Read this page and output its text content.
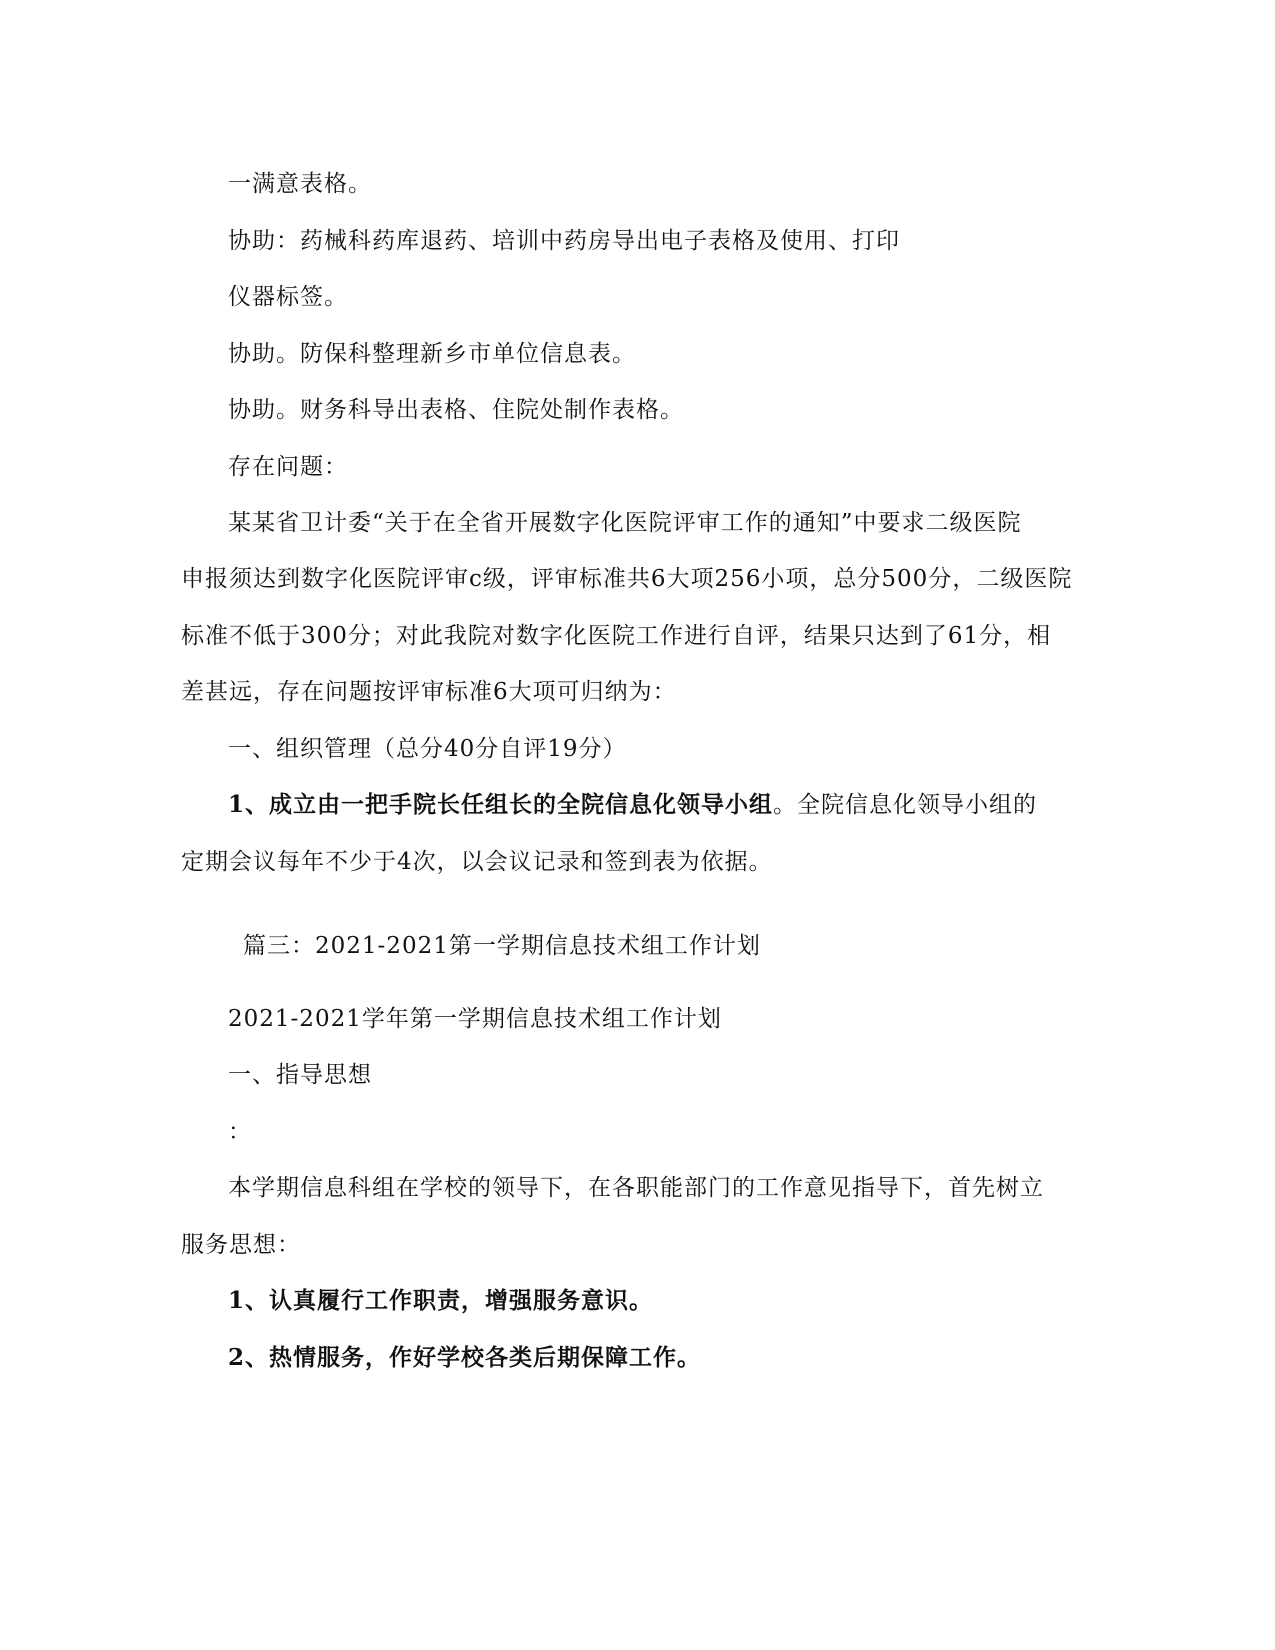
一满意表格。
协助：药械科药库退药、培训中药房导出电子表格及使用、打印
仪器标签。
协助。防保科整理新乡市单位信息表。
协助。财务科导出表格、住院处制作表格。
存在问题：
某某省卫计委“关于在全省开展数字化医院评审工作的通知”中要求二级医院
申报须达到数字化医院评审c级，评审标准共6大项256小项，总分500分，二级医院
标准不低于300分；对此我院对数字化医院工作进行自评，结果只达到了61分，相
差甚远，存在问题按评审标准6大项可归纳为：
一、组织管理（总分40分自评19分）
1、成立由一把手院长任组长的全院信息化领导小组。全院信息化领导小组的
定期会议每年不少于4次，以会议记录和签到表为依据。
篇三：2021-2021第一学期信息技术组工作计划
2021-2021学年第一学期信息技术组工作计划
一、指导思想
：
本学期信息科组在学校的领导下，在各职能部门的工作意见指导下，首先树立
服务思想：
1、认真履行工作职责，增强服务意识。
2、热情服务，作好学校各类后期保障工作。
